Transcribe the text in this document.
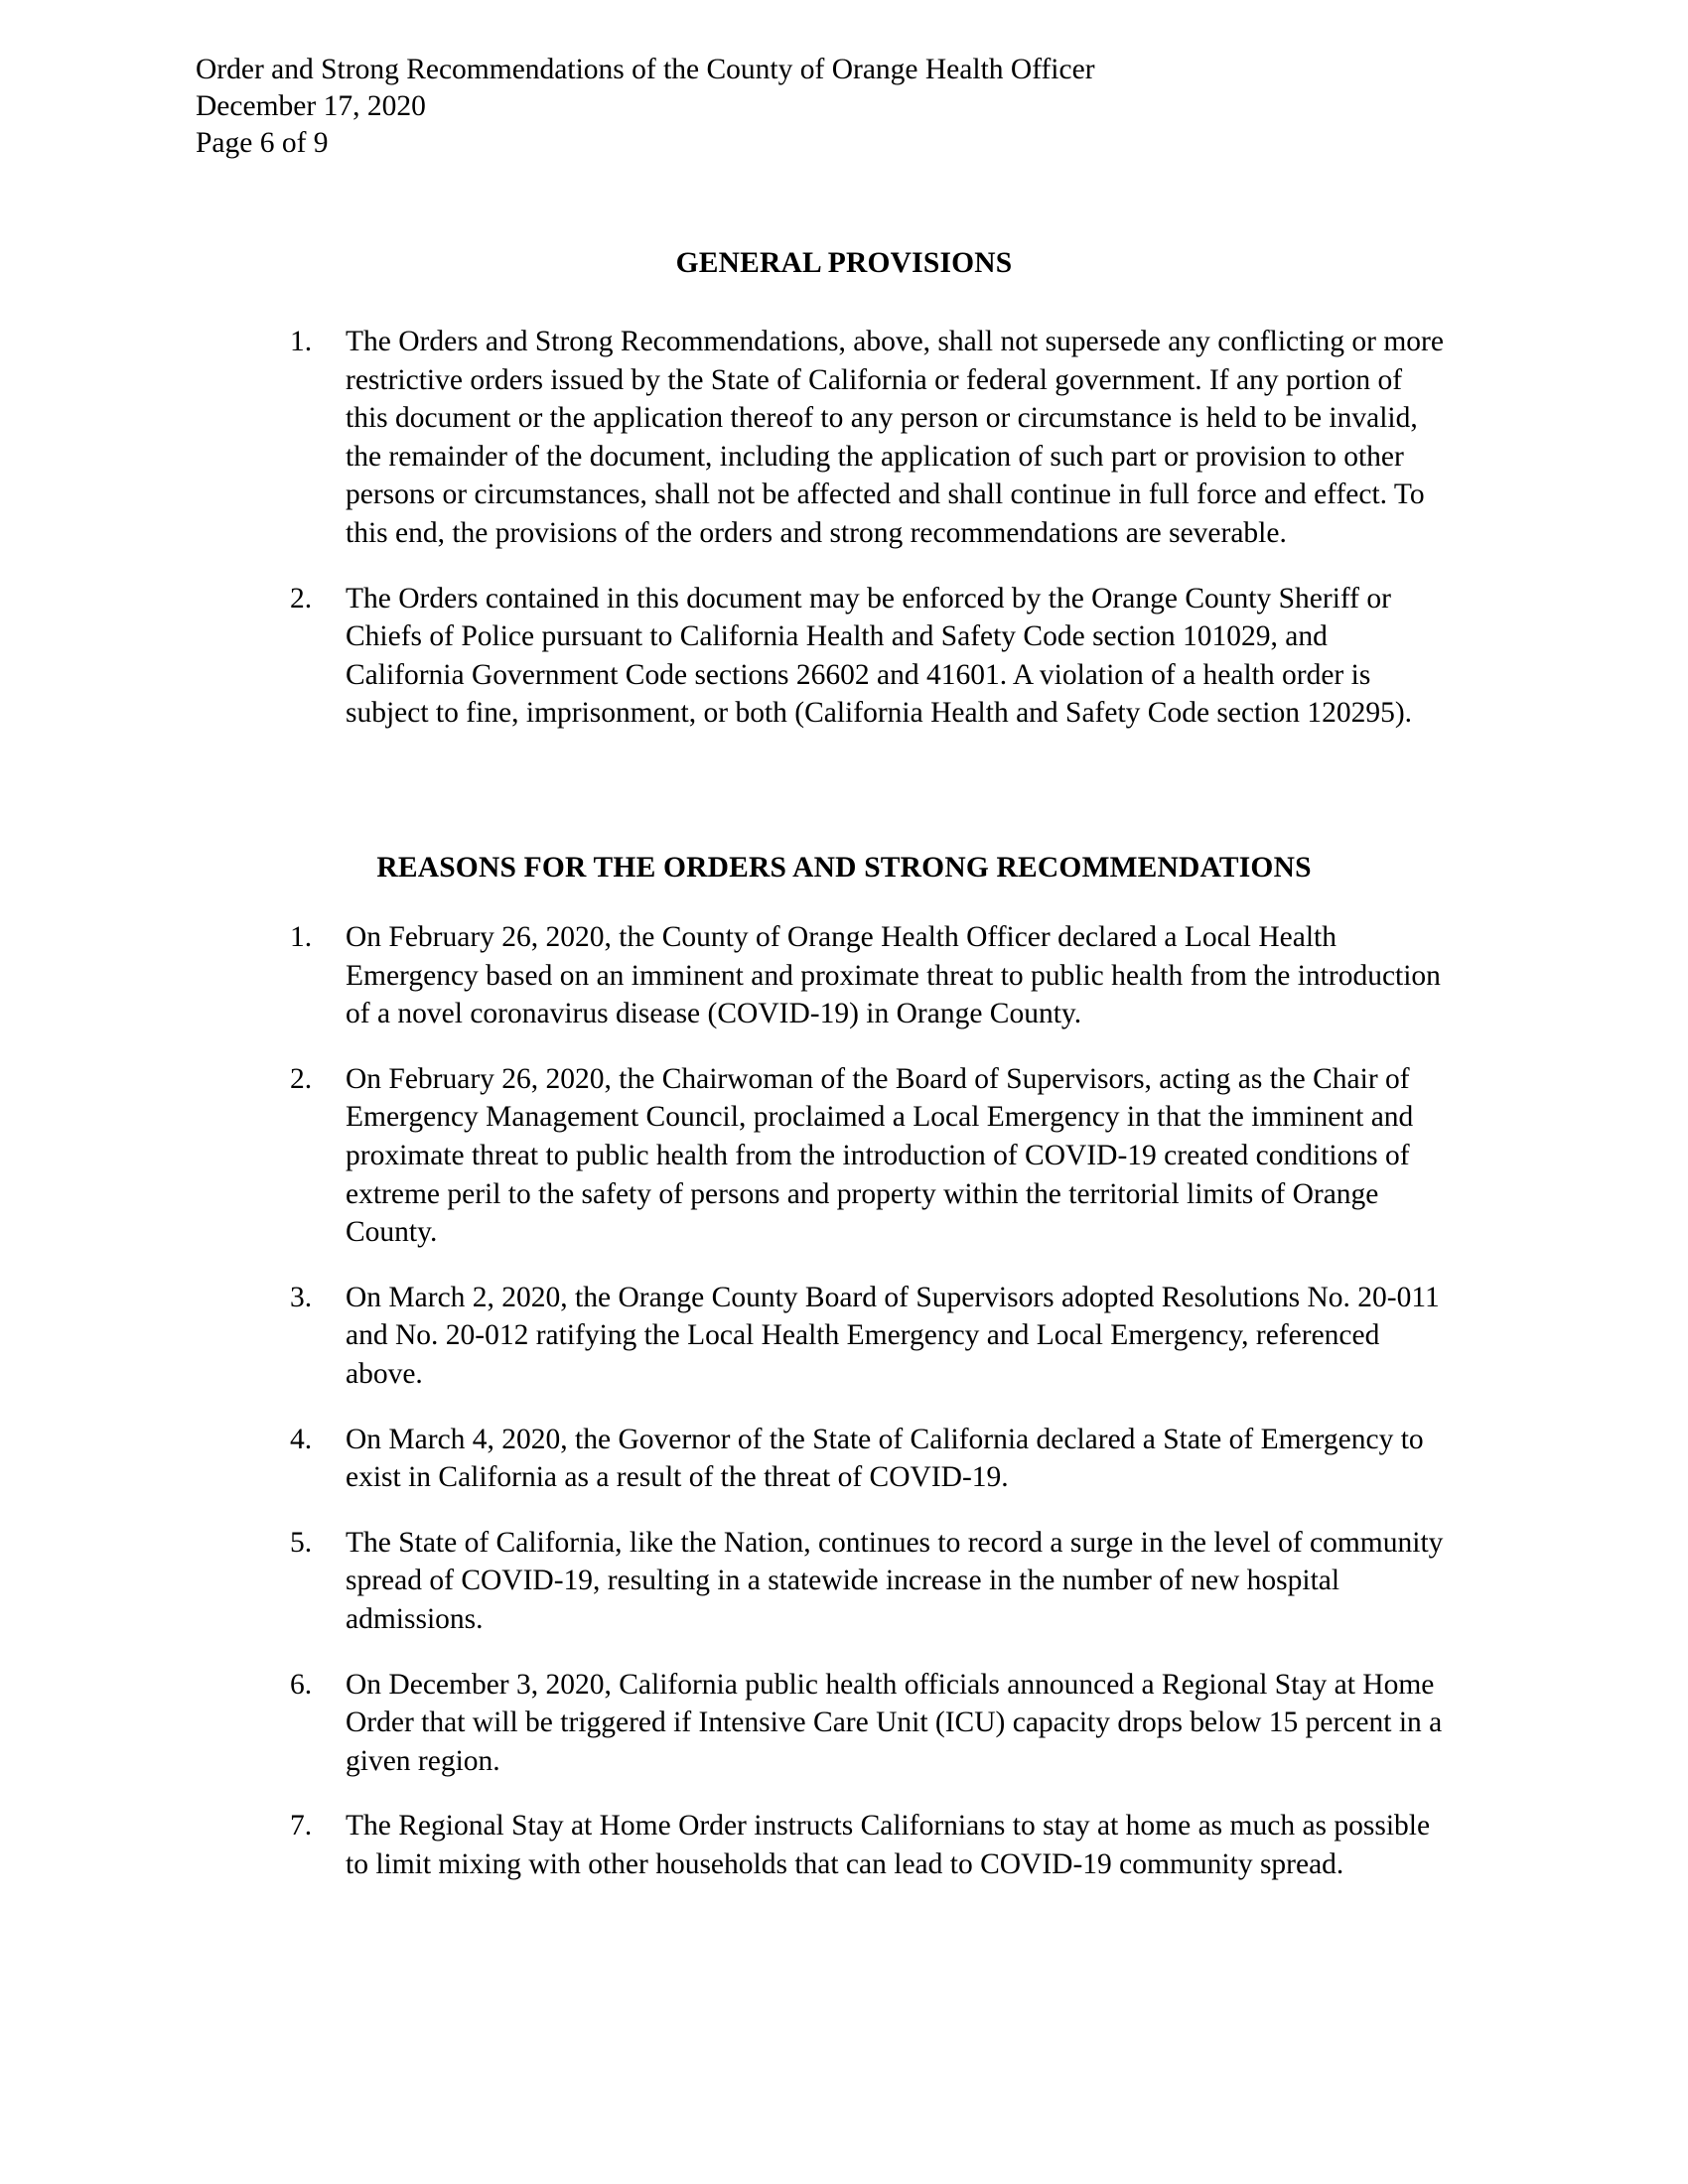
Order and Strong Recommendations of the County of Orange Health Officer
December 17, 2020
Page 6 of 9
GENERAL PROVISIONS
1.	The Orders and Strong Recommendations, above, shall not supersede any conflicting or more restrictive orders issued by the State of California or federal government. If any portion of this document or the application thereof to any person or circumstance is held to be invalid, the remainder of the document, including the application of such part or provision to other persons or circumstances, shall not be affected and shall continue in full force and effect. To this end, the provisions of the orders and strong recommendations are severable.
2.	The Orders contained in this document may be enforced by the Orange County Sheriff or Chiefs of Police pursuant to California Health and Safety Code section 101029, and California Government Code sections 26602 and 41601. A violation of a health order is subject to fine, imprisonment, or both (California Health and Safety Code section 120295).
REASONS FOR THE ORDERS AND STRONG RECOMMENDATIONS
1.	On February 26, 2020, the County of Orange Health Officer declared a Local Health Emergency based on an imminent and proximate threat to public health from the introduction of a novel coronavirus disease (COVID-19) in Orange County.
2.	On February 26, 2020, the Chairwoman of the Board of Supervisors, acting as the Chair of Emergency Management Council, proclaimed a Local Emergency in that the imminent and proximate threat to public health from the introduction of COVID-19 created conditions of extreme peril to the safety of persons and property within the territorial limits of Orange County.
3.	On March 2, 2020, the Orange County Board of Supervisors adopted Resolutions No. 20-011 and No. 20-012 ratifying the Local Health Emergency and Local Emergency, referenced above.
4.	On March 4, 2020, the Governor of the State of California declared a State of Emergency to exist in California as a result of the threat of COVID-19.
5.	The State of California, like the Nation, continues to record a surge in the level of community spread of COVID-19, resulting in a statewide increase in the number of new hospital admissions.
6.	On December 3, 2020, California public health officials announced a Regional Stay at Home Order that will be triggered if Intensive Care Unit (ICU) capacity drops below 15 percent in a given region.
7.	The Regional Stay at Home Order instructs Californians to stay at home as much as possible to limit mixing with other households that can lead to COVID-19 community spread.
